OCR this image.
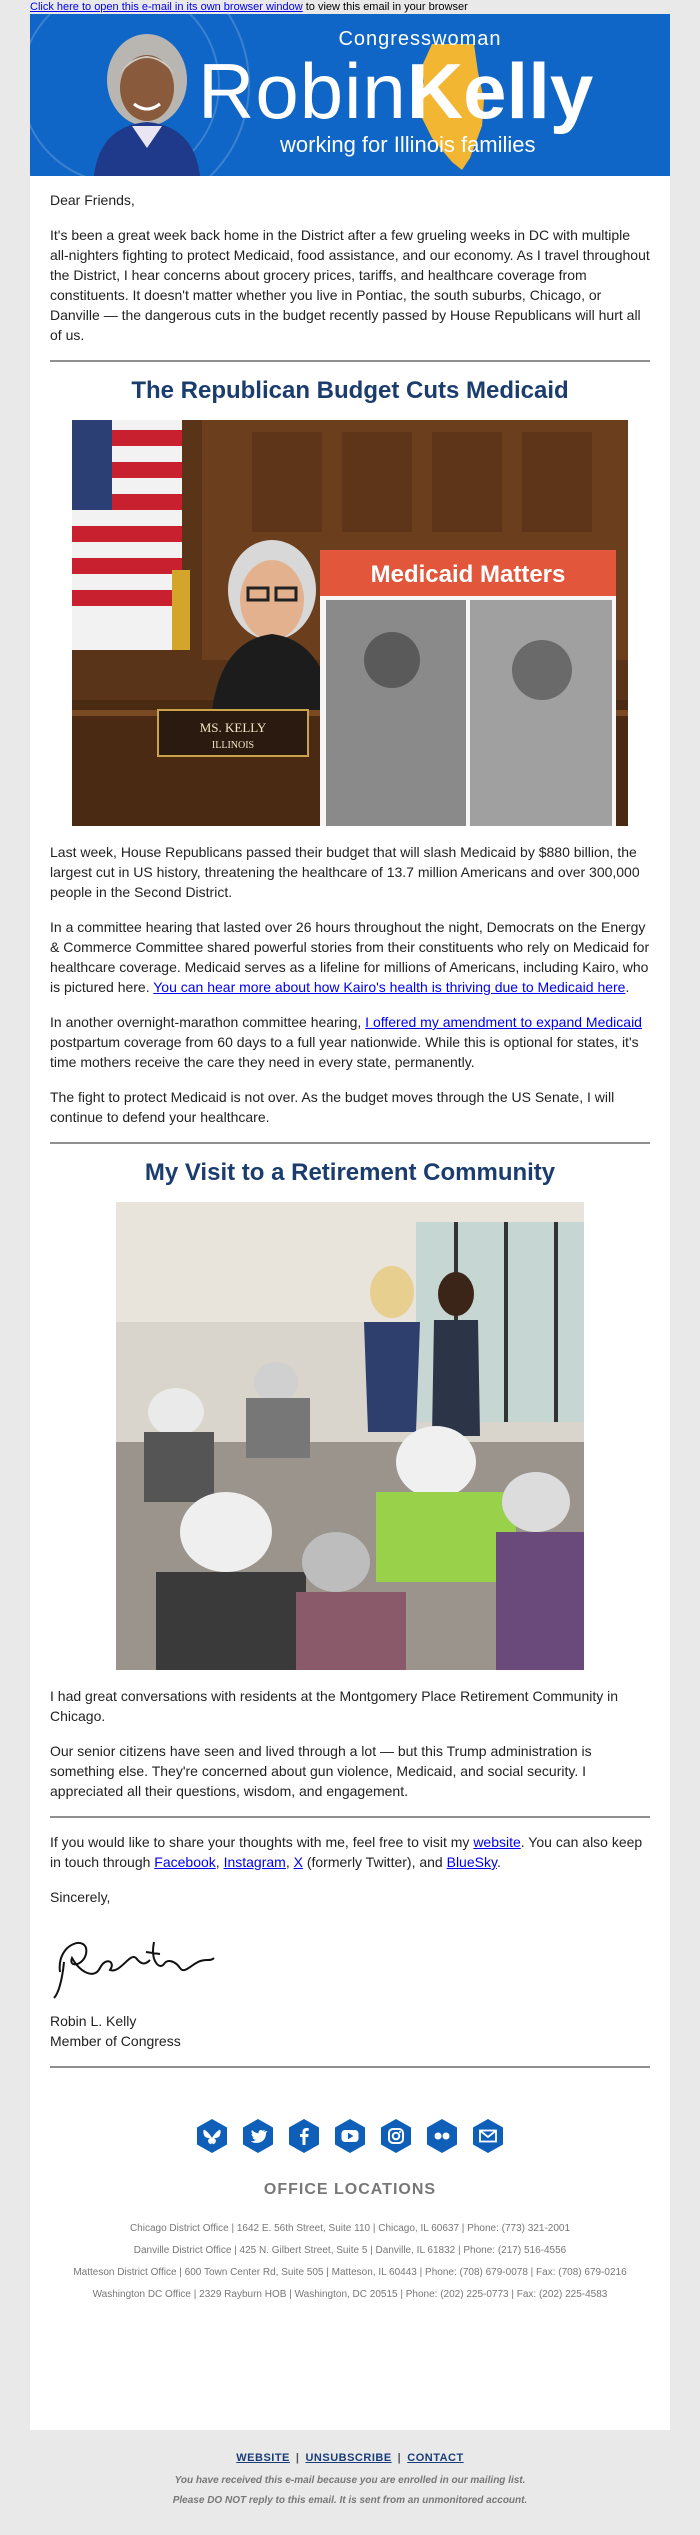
Click here to open this e-mail in its own browser window to view this email in your browser
Congresswoman
RobinKelly
working for Illinois families

Dear Friends,

It's been a great week back home in the District after a few grueling weeks in DC with multiple all-nighters fighting to protect Medicaid, food assistance, and our economy. As I travel throughout the District, I hear concerns about grocery prices, tariffs, and healthcare coverage from constituents. It doesn't matter whether you live in Pontiac, the south suburbs, Chicago, or Danville — the dangerous cuts in the budget recently passed by House Republicans will hurt all of us.

The Republican Budget Cuts Medicaid
Medicaid Matters
MS. KELLY
ILLINOIS

Last week, House Republicans passed their budget that will slash Medicaid by $880 billion, the largest cut in US history, threatening the healthcare of 13.7 million Americans and over 300,000 people in the Second District.

In a committee hearing that lasted over 26 hours throughout the night, Democrats on the Energy & Commerce Committee shared powerful stories from their constituents who rely on Medicaid for healthcare coverage. Medicaid serves as a lifeline for millions of Americans, including Kairo, who is pictured here. You can hear more about how Kairo's health is thriving due to Medicaid here.

In another overnight-marathon committee hearing, I offered my amendment to expand Medicaid postpartum coverage from 60 days to a full year nationwide. While this is optional for states, it's time mothers receive the care they need in every state, permanently.

The fight to protect Medicaid is not over. As the budget moves through the US Senate, I will continue to defend your healthcare.

My Visit to a Retirement Community

I had great conversations with residents at the Montgomery Place Retirement Community in Chicago.

Our senior citizens have seen and lived through a lot — but this Trump administration is something else. They're concerned about gun violence, Medicaid, and social security. I appreciated all their questions, wisdom, and engagement.

If you would like to share your thoughts with me, feel free to visit my website. You can also keep in touch through Facebook, Instagram, X (formerly Twitter), and BlueSky.

Sincerely,

Robin L. Kelly

Member of Congress

OFFICE LOCATIONS
Chicago District Office | 1642 E. 56th Street, Suite 110 | Chicago, IL 60637 | Phone: (773) 321-2001
Danville District Office | 425 N. Gilbert Street, Suite 5 | Danville, IL 61832 | Phone: (217) 516-4556
Matteson District Office | 600 Town Center Rd, Suite 505 | Matteson, IL 60443 | Phone: (708) 679-0078 | Fax: (708) 679-0216
Washington DC Office | 2329 Rayburn HOB | Washington, DC 20515 | Phone: (202) 225-0773 | Fax: (202) 225-4583
WEBSITE | UNSUBSCRIBE | CONTACT
You have received this e-mail because you are enrolled in our mailing list.
Please DO NOT reply to this email. It is sent from an unmonitored account.
